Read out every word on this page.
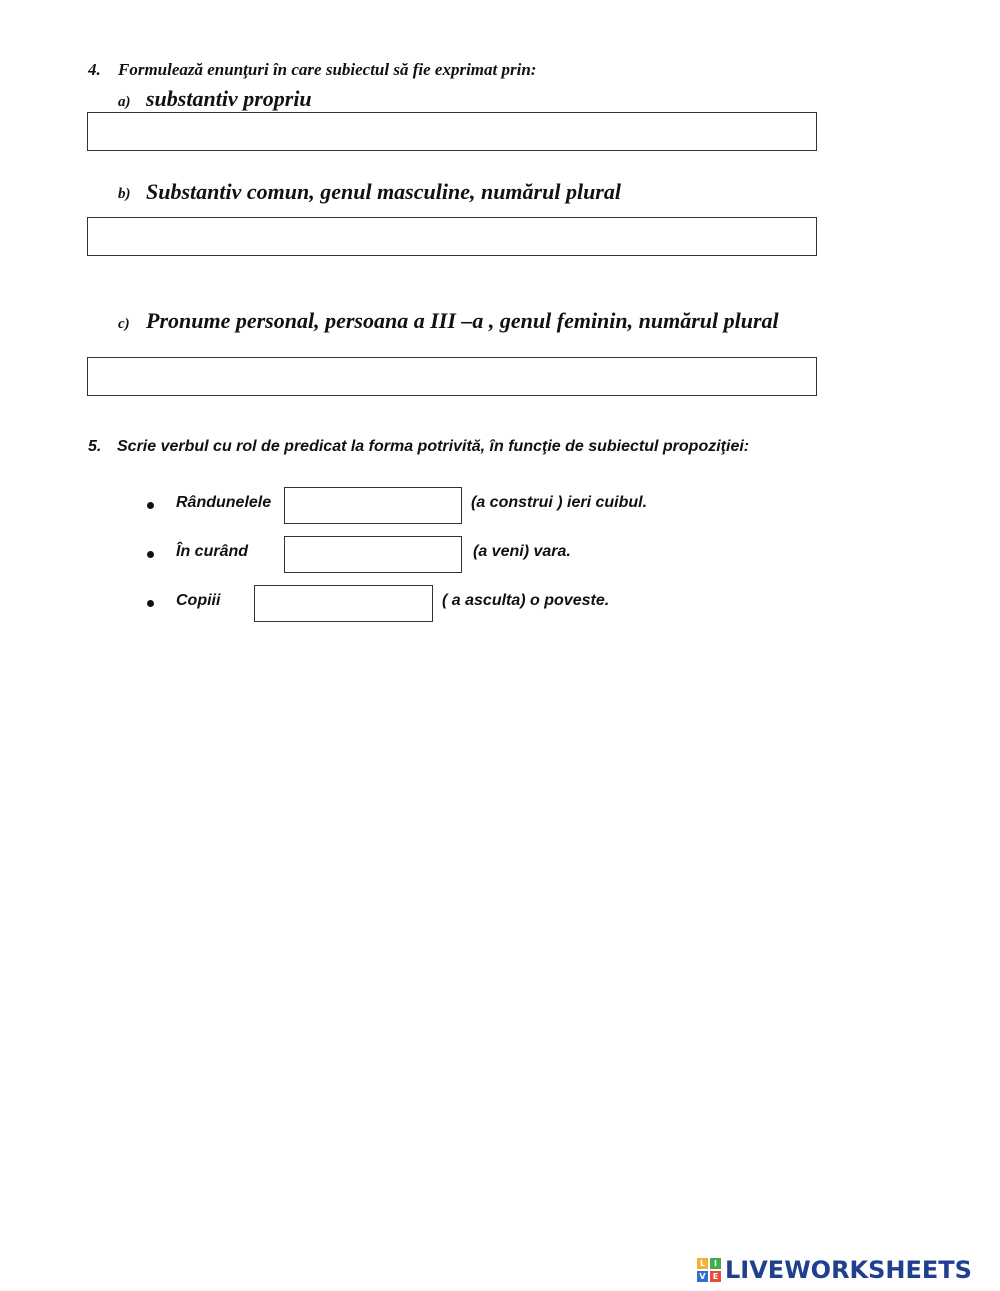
4. Formulează enunţuri în care subiectul să fie exprimat prin:
a) substantiv propriu
b) Substantiv comun, genul masculine, numărul plural
c) Pronume personal, persoana a III –a , genul feminin, numărul plural
5. Scrie verbul cu rol de predicat la forma potrivită, în funcţie de subiectul propoziţiei:
Rândunelele	(a construi ) ieri cuibul.
În curând	(a veni) vara.
Copiii	( a asculta) o poveste.
L	I
V E LIVEWORKSHEETS
